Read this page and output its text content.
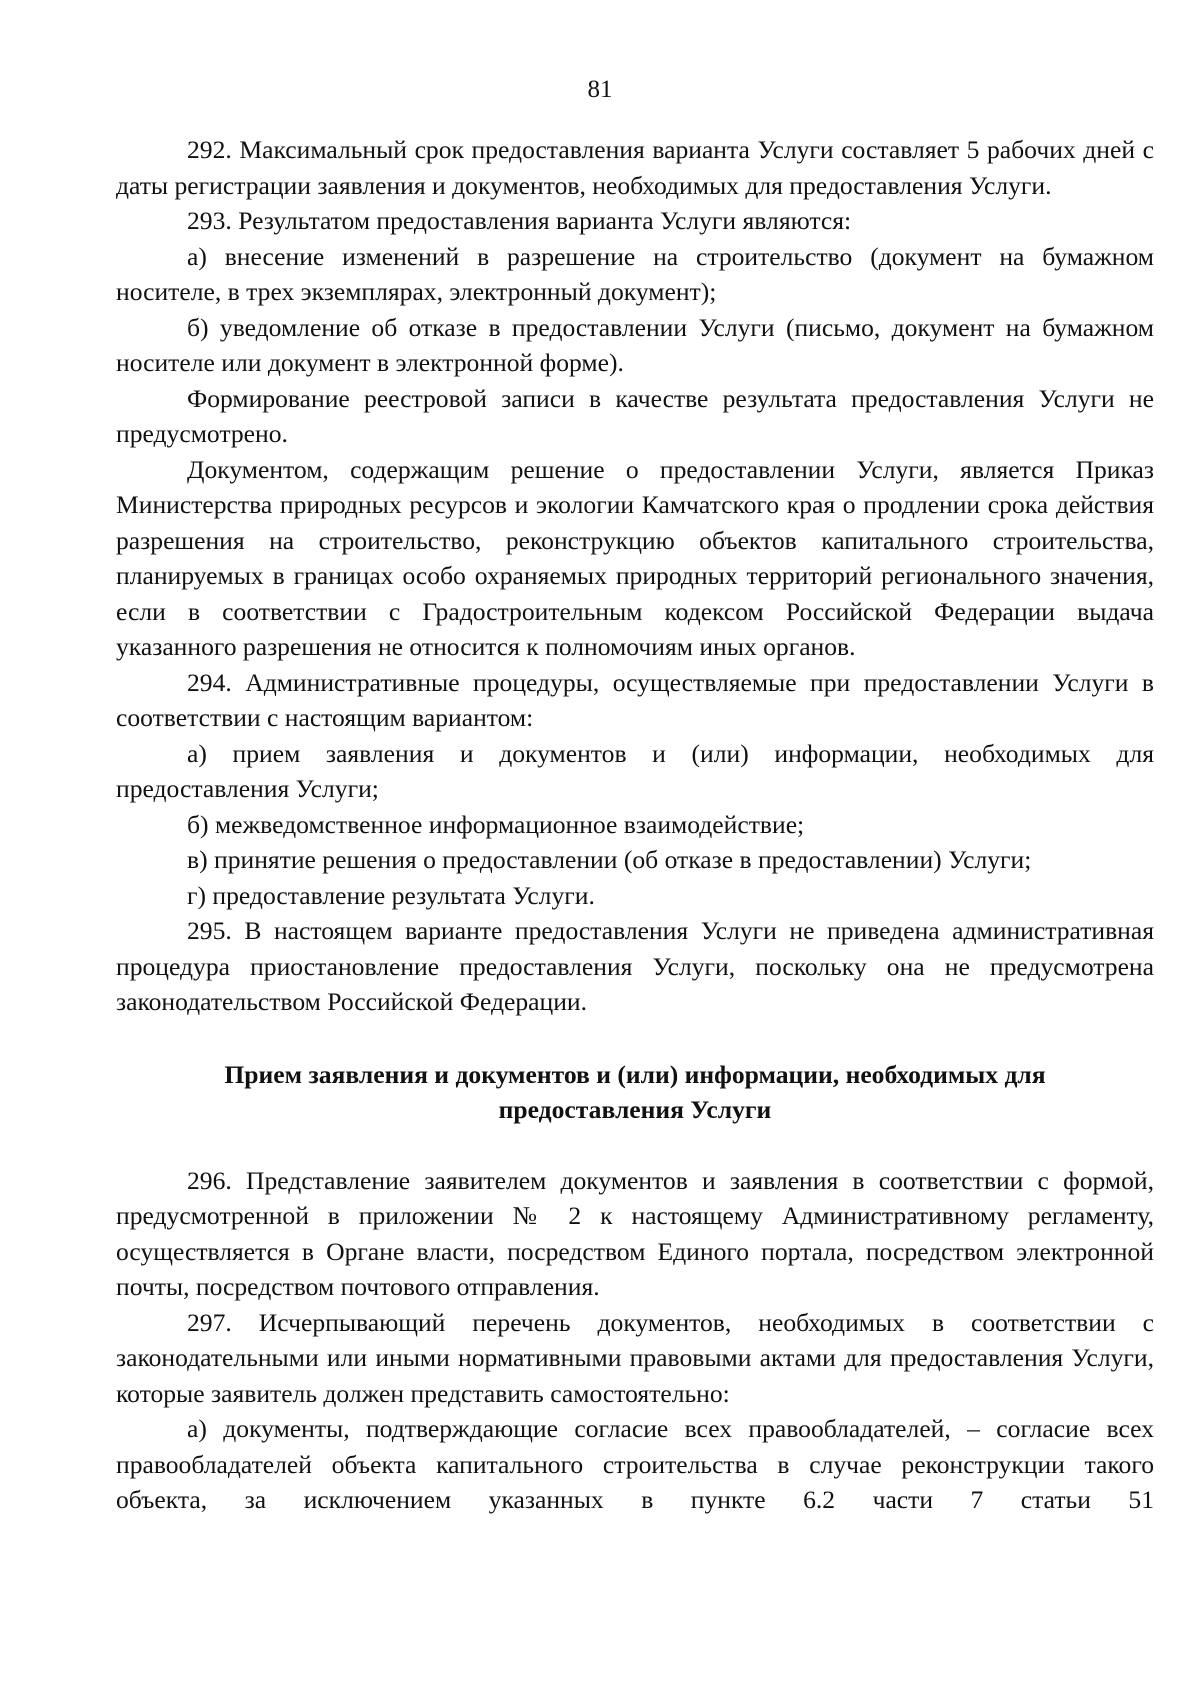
81

292. Максимальный срок предоставления варианта Услуги составляет 5 рабочих дней с даты регистрации заявления и документов, необходимых для предоставления Услуги.

293. Результатом предоставления варианта Услуги являются:

а) внесение изменений в разрешение на строительство (документ на бумажном носителе, в трех экземплярах, электронный документ);

б) уведомление об отказе в предоставлении Услуги (письмо, документ на бумажном носителе или документ в электронной форме).

Формирование реестровой записи в качестве результата предоставления Услуги не предусмотрено.

Документом, содержащим решение о предоставлении Услуги, является Приказ Министерства природных ресурсов и экологии Камчатского края о продлении срока действия разрешения на строительство, реконструкцию объектов капитального строительства, планируемых в границах особо охраняемых природных территорий регионального значения, если в соответствии с Градостроительным кодексом Российской Федерации выдача указанного разрешения не относится к полномочиям иных органов.

294. Административные процедуры, осуществляемые при предоставлении Услуги в соответствии с настоящим вариантом:

а) прием заявления и документов и (или) информации, необходимых для предоставления Услуги;

б) межведомственное информационное взаимодействие;

в) принятие решения о предоставлении (об отказе в предоставлении) Услуги;

г) предоставление результата Услуги.

295. В настоящем варианте предоставления Услуги не приведена административная процедура приостановление предоставления Услуги, поскольку она не предусмотрена законодательством Российской Федерации.

Прием заявления и документов и (или) информации, необходимых для
предоставления Услуги

296. Представление заявителем документов и заявления в соответствии с формой, предусмотренной в приложении № 2 к настоящему Административному регламенту, осуществляется в Органе власти, посредством Единого портала, посредством электронной почты, посредством почтового отправления.

297. Исчерпывающий перечень документов, необходимых в соответствии с законодательными или иными нормативными правовыми актами для предоставления Услуги, которые заявитель должен представить самостоятельно:

а) документы, подтверждающие согласие всех правообладателей, – согласие всех правообладателей объекта капитального строительства в случае реконструкции такого объекта, за исключением указанных в пункте 6.2 части 7 статьи 51
